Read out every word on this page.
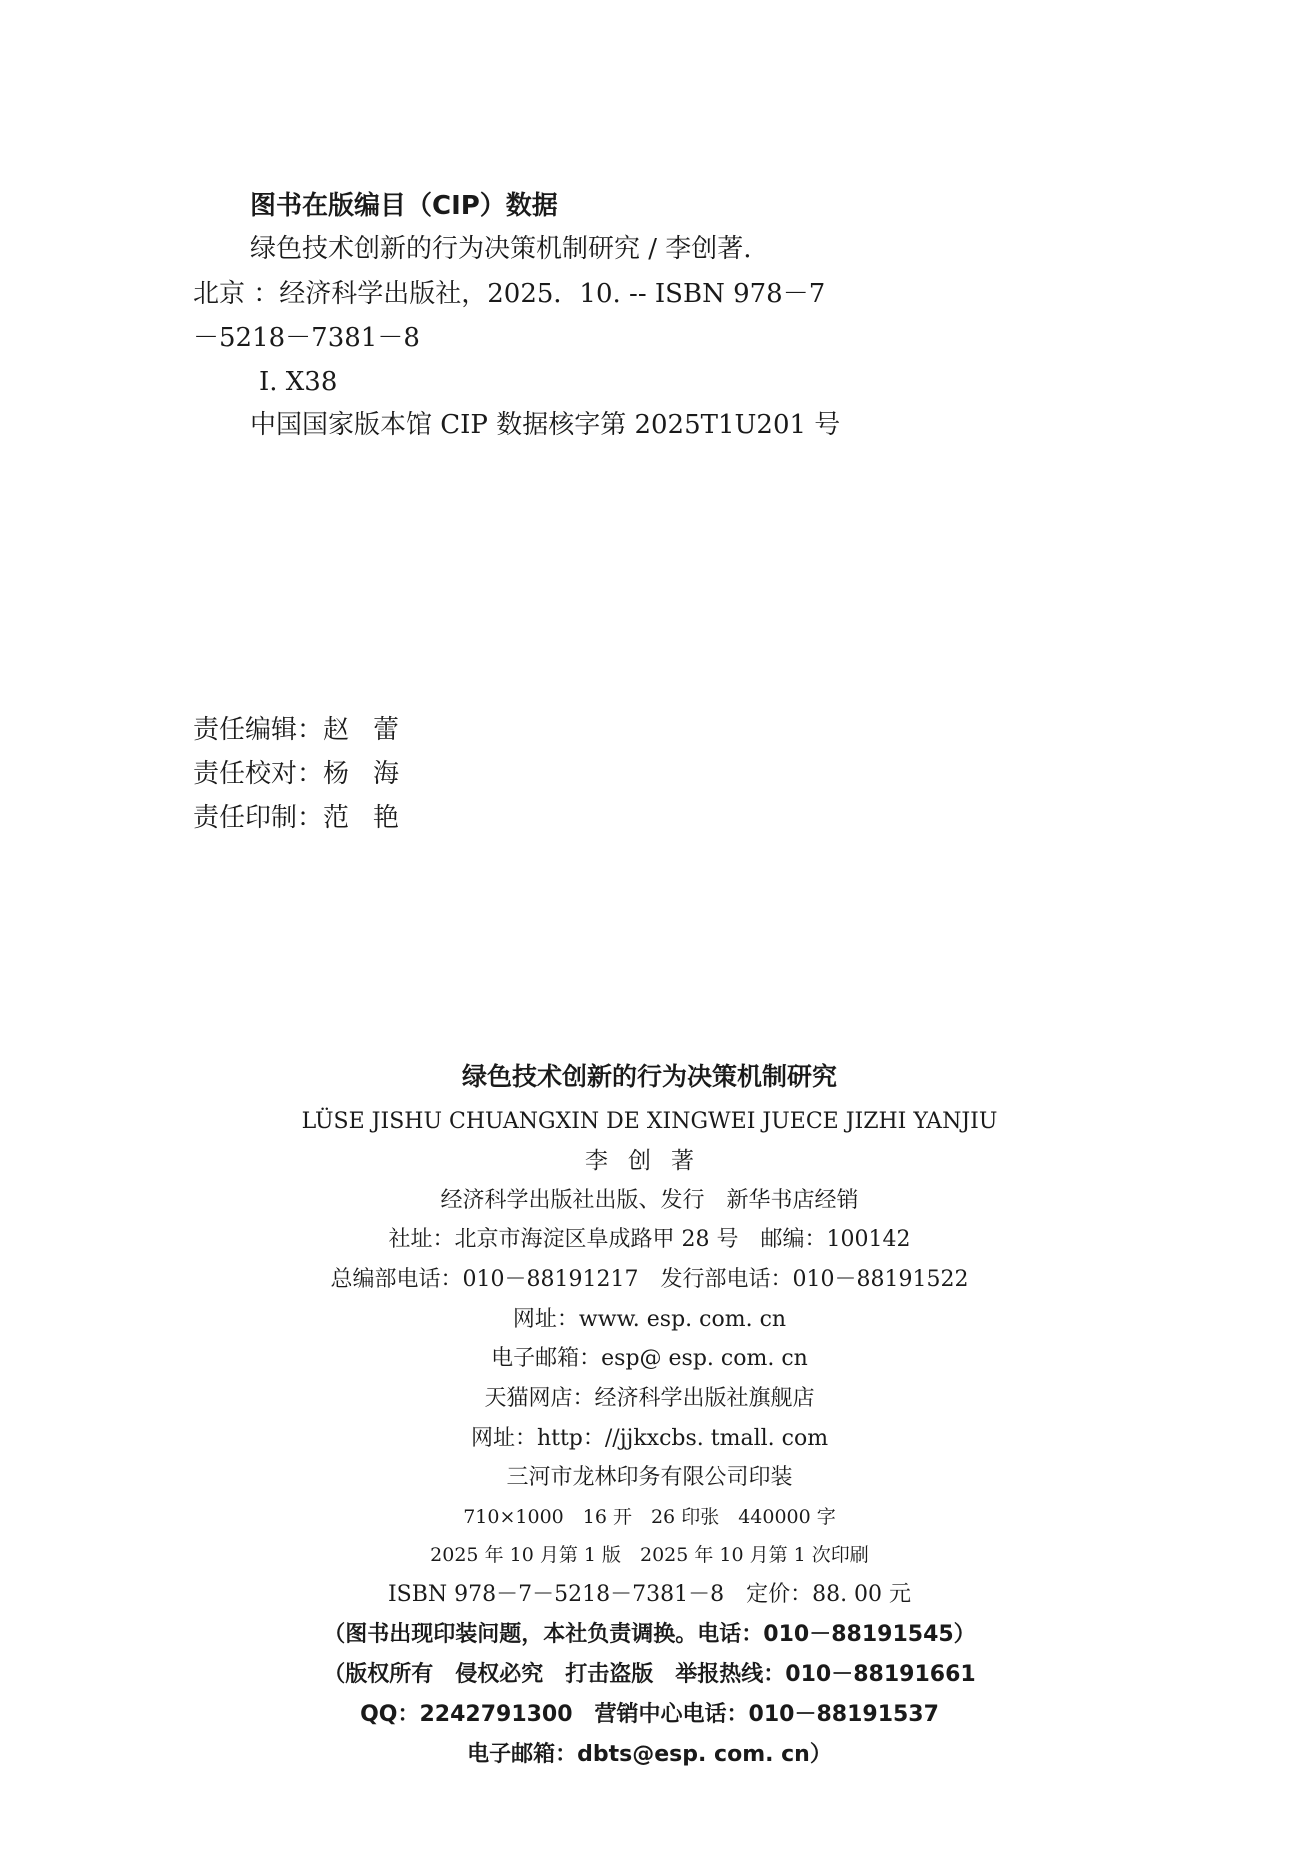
图书在版编目（CIP）数据
绿色技术创新的行为决策机制研究 / 李创著.
北京 ：经济科学出版社，2025．10. -- ISBN 978－7
－5218－7381－8
Ⅰ. X38
中国国家版本馆 CIP 数据核字第 2025T1U201 号
责任编辑：赵蕾
责任校对：杨海
责任印制：范艳
绿色技术创新的行为决策机制研究
LÜSE JISHU CHUANGXIN DE XINGWEI JUECE JIZHI YANJIU
李创著
经济科学出版社出版、发行　新华书店经销
社址：北京市海淀区阜成路甲 28 号　邮编：100142
总编部电话：010－88191217　发行部电话：010－88191522
网址：www. esp. com. cn
电子邮箱：esp@ esp. com. cn
天猫网店：经济科学出版社旗舰店
网址：http：//jjkxcbs. tmall. com
三河市龙林印务有限公司印装
710×1000　16 开　26 印张　440000 字
2025 年 10 月第 1 版　2025 年 10 月第 1 次印刷
ISBN 978－7－5218－7381－8　定价：88. 00 元
（图书出现印装问题，本社负责调换。电话：010－88191545）
（版权所有　侵权必究　打击盗版　举报热线：010－88191661
QQ：2242791300　营销中心电话：010－88191537
电子邮箱：dbts@esp. com. cn）
